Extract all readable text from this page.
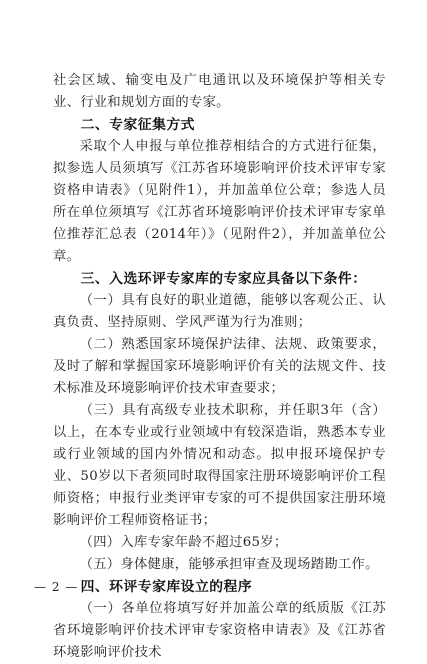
社会区域、输变电及广电通讯以及环境保护等相关专业、行业和规划方面的专家。

二、专家征集方式

采取个人申报与单位推荐相结合的方式进行征集，拟参选人员须填写《江苏省环境影响评价技术评审专家资格申请表》（见附件1），并加盖单位公章；参选人员所在单位须填写《江苏省环境影响评价技术评审专家单位推荐汇总表（2014年）》（见附件2），并加盖单位公章。

三、入选环评专家库的专家应具备以下条件：

（一）具有良好的职业道德，能够以客观公正、认真负责、坚持原则、学风严谨为行为准则；

（二）熟悉国家环境保护法律、法规、政策要求，及时了解和掌握国家环境影响评价有关的法规文件、技术标准及环境影响评价技术审查要求；

（三）具有高级专业技术职称，并任职3年（含）以上，在本专业或行业领域中有较深造诣，熟悉本专业或行业领域的国内外情况和动态。拟申报环境保护专业、50岁以下者须同时取得国家注册环境影响评价工程师资格；申报行业类评审专家的可不提供国家注册环境影响评价工程师资格证书；

（四）入库专家年龄不超过65岁；

（五）身体健康，能够承担审查及现场踏勘工作。

四、环评专家库设立的程序

（一）各单位将填写好并加盖公章的纸质版《江苏省环境影响评价技术评审专家资格申请表》及《江苏省环境影响评价技术

— 2 —
